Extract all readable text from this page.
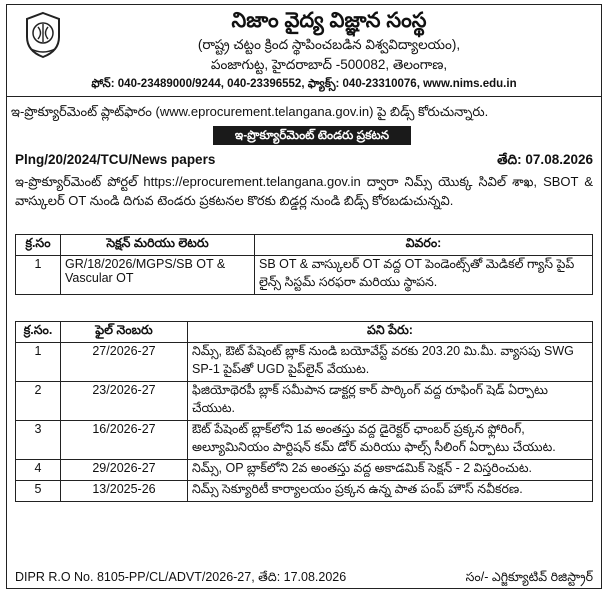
నిజాం వైద్య విజ్ఞాన సంస్థ
(రాష్ట్ర చట్టం క్రింద స్థాపించబడిన విశ్వవిద్యాలయం),
పంజాగుట్ట, హైదరాబాద్ -500082, తెలంగాణ,
ఫోన్: 040-23489000/9244, 040-23396552, ఫ్యాక్స్: 040-23310076, www.nims.edu.in
ఇ-ప్రొక్యూర్‌మెంట్ ప్లాట్‌ఫారం (www.eprocurement.telangana.gov.in) పై బిడ్స్ కోరుచున్నారు.
ఇ-ప్రొక్యూర్‌మెంట్ టెండరు ప్రకటన
Plng/20/2024/TCU/News papers	తేది: 07.08.2026
ఇ-ప్రొక్యూర్‌మెంట్ పోర్టల్ https://eprocurement.telangana.gov.in ద్వారా నిమ్స్ యొక్క సివిల్ శాఖ, SBOT & వాస్కులర్ OT నుండి దిగువ టెండరు ప్రకటనల కొరకు బిడ్డర్ల నుండి బిడ్స్ కోరబడుచున్నవి.
క్ర.సం	సెక్షన్ మరియు లెటరు	వివరం:
1	GR/18/2026/MGPS/SB OT & Vascular OT	SB OT & వాస్కులర్ OT వద్ద OT పెండెంట్స్‌తో మెడికల్ గ్యాస్ పైప్ లైన్స్ సిస్టమ్ సరఫరా మరియు స్థాపన.
క్ర.సం.	ఫైల్ నెంబరు	పని పేరు:
1	27/2026-27	నిమ్స్, ఔట్ పేషెంట్ బ్లాక్ నుండి బయోవేస్ట్ వరకు 203.20 మి.మీ. వ్యాసపు SWG SP-1 పైప్‌తో UGD పైప్‌లైన్ వేయుట.
2	23/2026-27	ఫిజియోథెరపీ బ్లాక్ సమీపాన డాక్టర్ల కార్ పార్కింగ్ వద్ద రూఫింగ్ షెడ్ ఏర్పాటు చేయుట.
3	16/2026-27	ఔట్ పేషెంట్ బ్లాక్‌లోని 1వ అంతస్తు వద్ద డైరెక్టర్ ఛాంబర్ ప్రక్కన ఫ్లోరింగ్, అల్యూమినియం పార్టిషన్ కమ్ డోర్ మరియు ఫాల్స్ సీలింగ్ ఏర్పాటు చేయుట.
4	29/2026-27	నిమ్స్, OP బ్లాక్‌లోని 2వ అంతస్తు వద్ద అకాడమిక్ సెక్షన్ - 2 విస్తరించుట.
5	13/2025-26	నిమ్స్ సెక్యూరిటీ కార్యాలయం ప్రక్కన ఉన్న పాత పంప్ హౌస్ నవీకరణ.
DIPR R.O No. 8105-PP/CL/ADVT/2026-27, తేది: 17.08.2026	సం/- ఎగ్జిక్యూటివ్ రిజిస్ట్రార్
